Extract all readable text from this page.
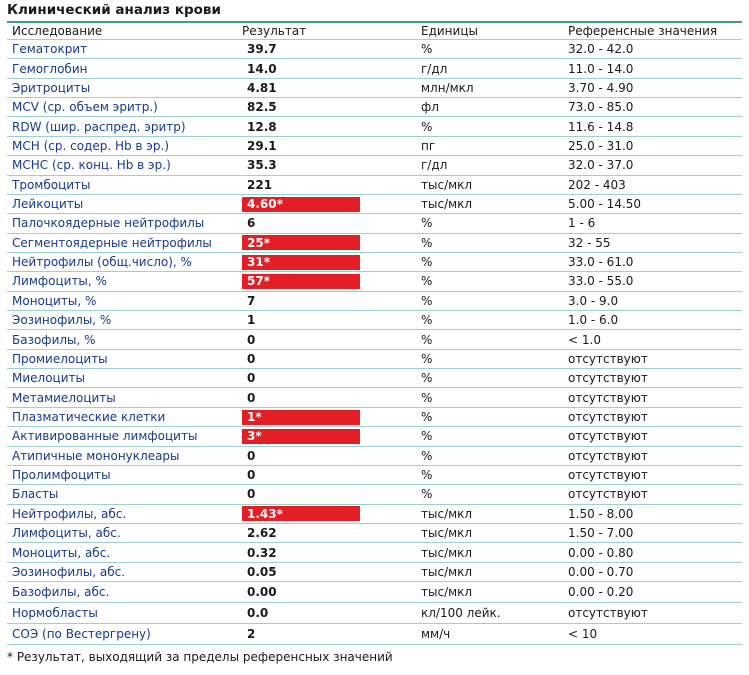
Клинический анализ крови
Исследование	Результат	Единицы	Референсные значения
Гематокрит	39.7	%	32.0 - 42.0
Гемоглобин	14.0	г/дл	11.0 - 14.0
Эритроциты	4.81	млн/мкл	3.70 - 4.90
MCV (ср. объем эритр.)	82.5	фл	73.0 - 85.0
RDW (шир. распред. эритр)	12.8	%	11.6 - 14.8
MCH (ср. содер. Hb в эр.)	29.1	пг	25.0 - 31.0
MCHC (ср. конц. Hb в эр.)	35.3	г/дл	32.0 - 37.0
Тромбоциты	221	тыс/мкл	202 - 403
Лейкоциты	4.60*	тыс/мкл	5.00 - 14.50
Палочкоядерные нейтрофилы	6	%	1 - 6
Сегментоядерные нейтрофилы	25*	%	32 - 55
Нейтрофилы (общ.число), %	31*	%	33.0 - 61.0
Лимфоциты, %	57*	%	33.0 - 55.0
Моноциты, %	7	%	3.0 - 9.0
Эозинофилы, %	1	%	1.0 - 6.0
Базофилы, %	0	%	< 1.0
Промиелоциты	0	%	отсутствуют
Миелоциты	0	%	отсутствуют
Метамиелоциты	0	%	отсутствуют
Плазматические клетки	1*	%	отсутствуют
Активированные лимфоциты	3*	%	отсутствуют
Атипичные мононуклеары	0	%	отсутствуют
Пролимфоциты	0	%	отсутствуют
Бласты	0	%	отсутствуют
Нейтрофилы, абс.	1.43*	тыс/мкл	1.50 - 8.00
Лимфоциты, абс.	2.62	тыс/мкл	1.50 - 7.00
Моноциты, абс.	0.32	тыс/мкл	0.00 - 0.80
Эозинофилы, абс.	0.05	тыс/мкл	0.00 - 0.70
Базофилы, абс.	0.00	тыс/мкл	0.00 - 0.20
Нормобласты	0.0	кл/100 лейк.	отсутствуют
СОЭ (по Вестергрену)	2	мм/ч	< 10
* Результат, выходящий за пределы референсных значений
